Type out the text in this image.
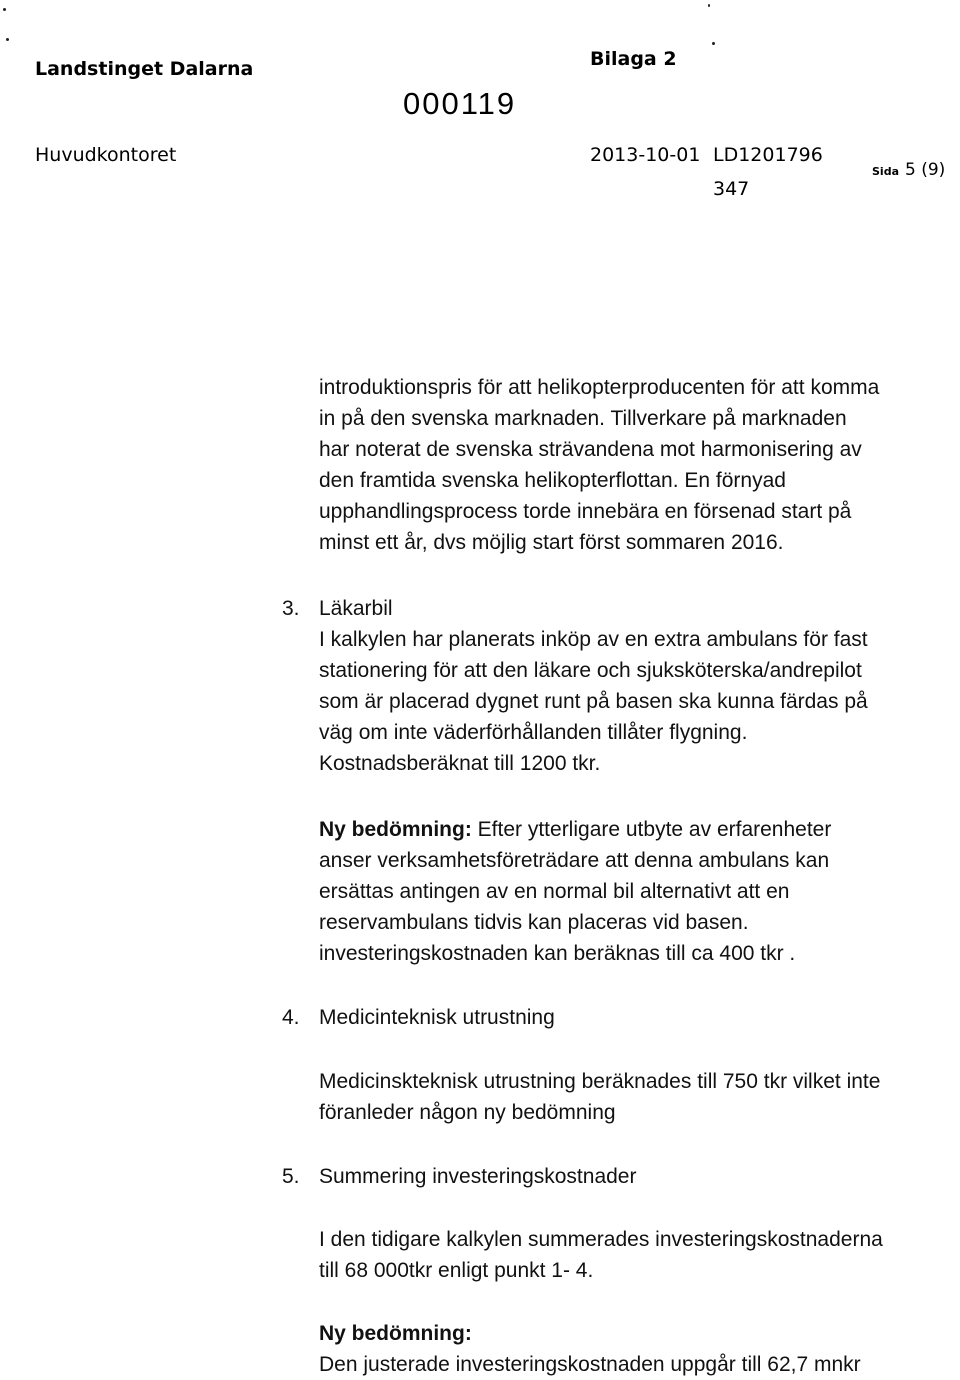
Landstinget Dalarna	Bilaga 2
000119
Huvudkontoret	2013-10-01 LD1201796
347
Sida 5 (9)
introduktionspris för att helikopterproducenten för att komma
in på den svenska marknaden. Tillverkare på marknaden
har noterat de svenska strävandena mot harmonisering av
den framtida svenska helikopterflottan. En förnyad
upphandlingsprocess torde innebära en försenad start på
minst ett år, dvs möjlig start först sommaren 2016.
3. Läkarbil
I kalkylen har planerats inköp av en extra ambulans för fast
stationering för att den läkare och sjuksköterska/andrepilot
som är placerad dygnet runt på basen ska kunna färdas på
väg om inte väderförhållanden tillåter flygning.
Kostnadsberäknat till 1200 tkr.
Ny bedömning: Efter ytterligare utbyte av erfarenheter
anser verksamhetsföreträdare att denna ambulans kan
ersättas antingen av en normal bil alternativt att en
reservambulans tidvis kan placeras vid basen.
investeringskostnaden kan beräknas till ca 400 tkr .
4. Medicinteknisk utrustning
Medicinskteknisk utrustning beräknades till 750 tkr vilket inte
föranleder någon ny bedömning
5. Summering investeringskostnader
I den tidigare kalkylen summerades investeringskostnaderna
till 68 000tkr enligt punkt 1- 4.
Ny bedömning:
Den justerade investeringskostnaden uppgår till 62,7 mnkr
